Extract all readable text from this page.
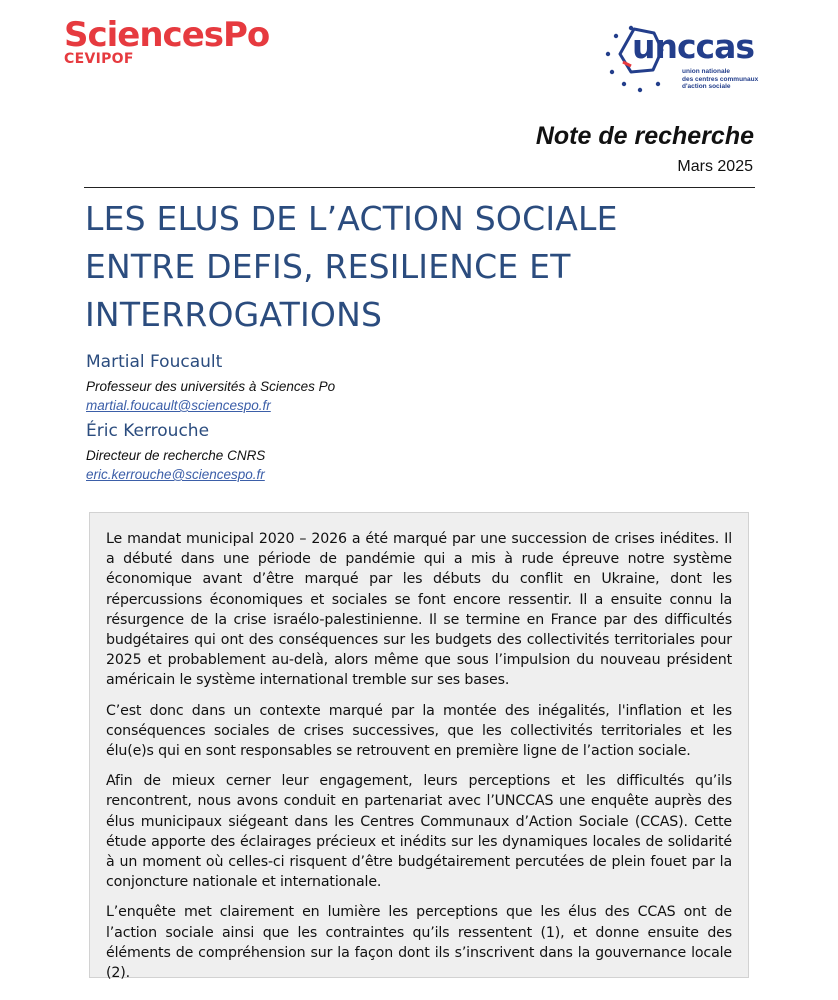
SciencesPo
CEVIPOF	unccas
union nationale
des centres communaux
d'action sociale
Note de recherche
Mars 2025
LES ELUS DE L’ACTION SOCIALE
ENTRE DEFIS, RESILIENCE ET
INTERROGATIONS
Martial Foucault
Professeur des universités à Sciences Po
martial.foucault@sciencespo.fr
Éric Kerrouche
Directeur de recherche CNRS
eric.kerrouche@sciencespo.fr

Le mandat municipal 2020 – 2026 a été marqué par une succession de crises inédites. Il a débuté dans une période de pandémie qui a mis à rude épreuve notre système économique avant d’être marqué par les débuts du conflit en Ukraine, dont les répercussions économiques et sociales se font encore ressentir. Il a ensuite connu la résurgence de la crise israélo-palestinienne. Il se termine en France par des difficultés budgétaires qui ont des conséquences sur les budgets des collectivités territoriales pour 2025 et probablement au-delà, alors même que sous l’impulsion du nouveau président américain le système international tremble sur ses bases.

C’est donc dans un contexte marqué par la montée des inégalités, l'inflation et les conséquences sociales de crises successives, que les collectivités territoriales et les élu(e)s qui en sont responsables se retrouvent en première ligne de l’action sociale.

Afin de mieux cerner leur engagement, leurs perceptions et les difficultés qu’ils rencontrent, nous avons conduit en partenariat avec l’UNCCAS une enquête auprès des élus municipaux siégeant dans les Centres Communaux d’Action Sociale (CCAS). Cette étude apporte des éclairages précieux et inédits sur les dynamiques locales de solidarité à un moment où celles-ci risquent d’être budgétairement percutées de plein fouet par la conjoncture nationale et internationale.

L’enquête met clairement en lumière les perceptions que les élus des CCAS ont de l’action sociale ainsi que les contraintes qu’ils ressentent (1), et donne ensuite des éléments de compréhension sur la façon dont ils s’inscrivent dans la gouvernance locale (2).
